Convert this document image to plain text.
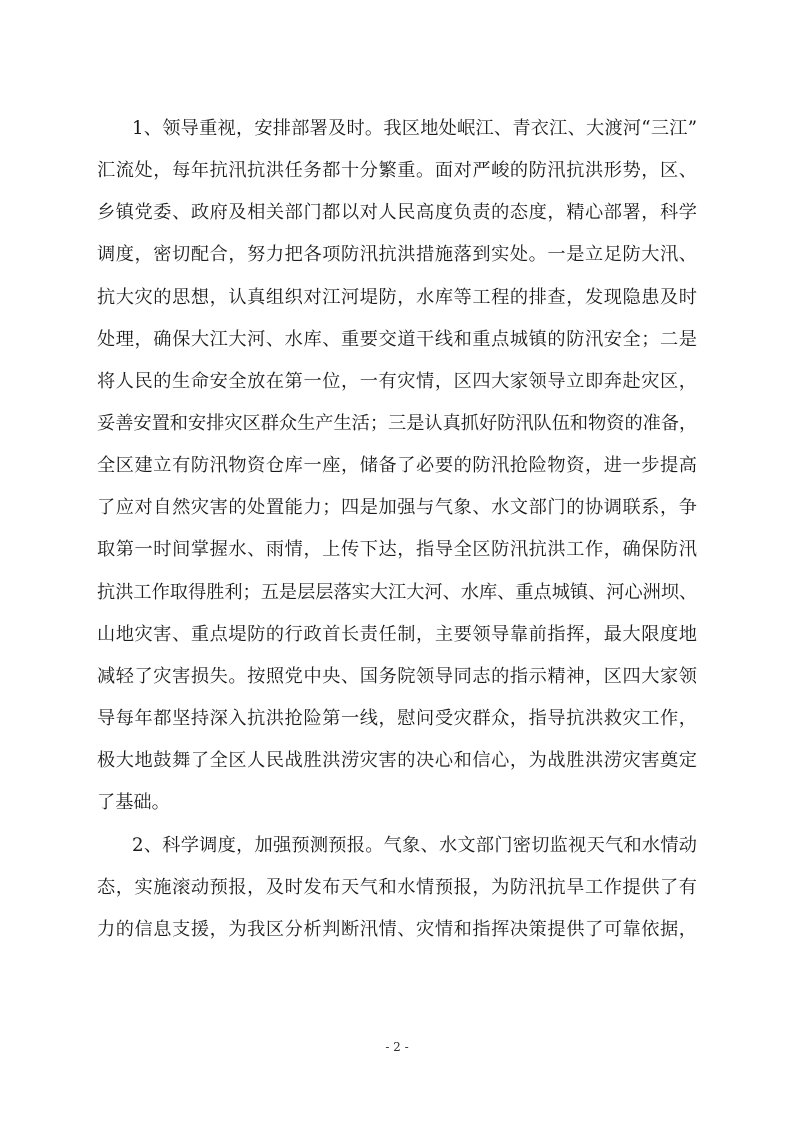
1、领导重视，安排部署及时。我区地处岷江、青衣江、大渡河“三江”
汇流处，每年抗汛抗洪任务都十分繁重。面对严峻的防汛抗洪形势，区、
乡镇党委、政府及相关部门都以对人民高度负责的态度，精心部署，科学
调度，密切配合，努力把各项防汛抗洪措施落到实处。一是立足防大汛、
抗大灾的思想，认真组织对江河堤防，水库等工程的排查，发现隐患及时
处理，确保大江大河、水库、重要交道干线和重点城镇的防汛安全；二是
将人民的生命安全放在第一位，一有灾情，区四大家领导立即奔赴灾区，
妥善安置和安排灾区群众生产生活；三是认真抓好防汛队伍和物资的准备，
全区建立有防汛物资仓库一座，储备了必要的防汛抢险物资，进一步提高
了应对自然灾害的处置能力；四是加强与气象、水文部门的协调联系，争
取第一时间掌握水、雨情，上传下达，指导全区防汛抗洪工作，确保防汛
抗洪工作取得胜利；五是层层落实大江大河、水库、重点城镇、河心洲坝、
山地灾害、重点堤防的行政首长责任制，主要领导靠前指挥，最大限度地
减轻了灾害损失。按照党中央、国务院领导同志的指示精神，区四大家领
导每年都坚持深入抗洪抢险第一线，慰问受灾群众，指导抗洪救灾工作，
极大地鼓舞了全区人民战胜洪涝灾害的决心和信心，为战胜洪涝灾害奠定
了基础。
2、科学调度，加强预测预报。气象、水文部门密切监视天气和水情动
态，实施滚动预报，及时发布天气和水情预报，为防汛抗旱工作提供了有
力的信息支援，为我区分析判断汛情、灾情和指挥决策提供了可靠依据，
- 2 -
